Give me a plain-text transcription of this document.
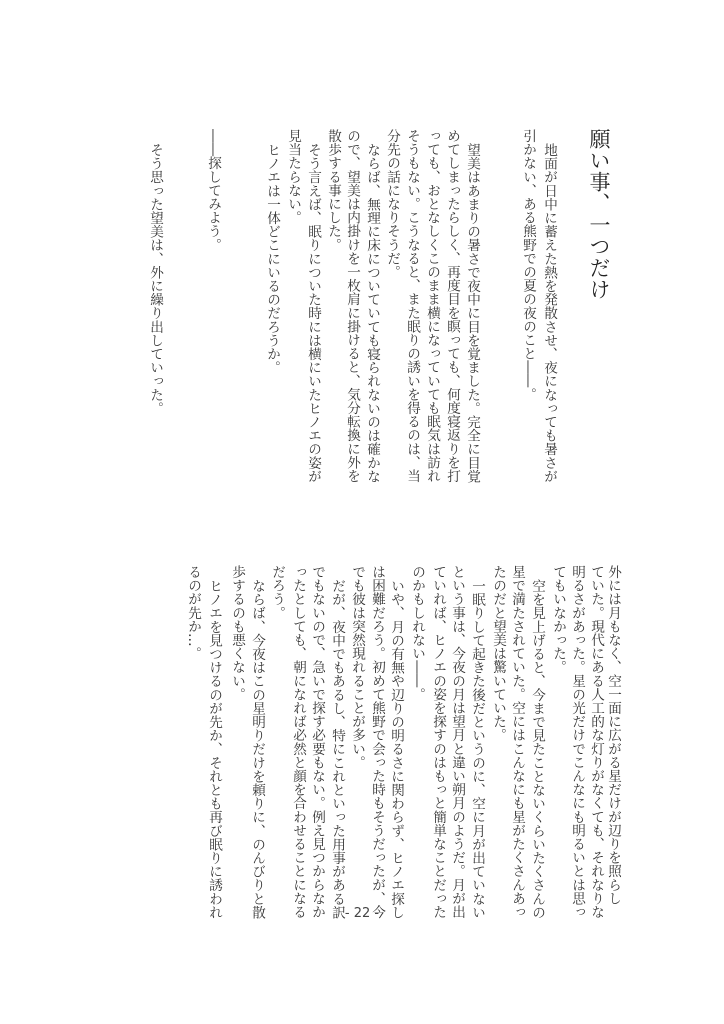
願い事、一つだけ
地面が日中に蓄えた熱を発散させ、夜になっても暑さが
引かない、ある熊野での夏の夜のこと――。
望美はあまりの暑さで夜中に目を覚ました。完全に目覚
めてしまったらしく、再度目を瞑っても、何度寝返りを打
っても、おとなしくこのまま横になっていても眠気は訪れ
そうもない。こうなると、また眠りの誘いを得るのは、当
分先の話になりそうだ。
ならば、無理に床についていても寝られないのは確かな
ので、望美は内掛けを一枚肩に掛けると、気分転換に外を
散歩する事にした。
そう言えば、眠りについた時には横にいたヒノエの姿が
見当たらない。
ヒノエは一体どこにいるのだろうか。
――探してみよう。
そう思った望美は、外に繰り出していった。
外には月もなく、空一面に広がる星だけが辺りを照らし
ていた。現代にある人工的な灯りがなくても、それなりな
明るさがあった。星の光だけでこんなにも明るいとは思っ
てもいなかった。
空を見上げると、今まで見たことないくらいたくさんの
星で満たされていた。空にはこんなにも星がたくさんあっ
たのだと望美は驚いていた。
一眠りして起きた後だというのに、空に月が出ていない
という事は、今夜の月は望月と違い朔月のようだ。月が出
ていれば、ヒノエの姿を探すのはもっと簡単なことだった
のかもしれない――。
いや、月の有無や辺りの明るさに関わらず、ヒノエ探し
は困難だろう。初めて熊野で会った時もそうだったが、今
でも彼は突然現れることが多い。
だが、夜中でもあるし、特にこれといった用事がある訳
でもないので、急いで探す必要もない。例え見つからなか
ったとしても、朝になれば必然と顔を合わせることになる
だろう。
ならば、今夜はこの星明りだけを頼りに、のんびりと散
歩するのも悪くない。
ヒノエを見つけるのが先か、それとも再び眠りに誘われ
るのが先か…。
- 22 -
